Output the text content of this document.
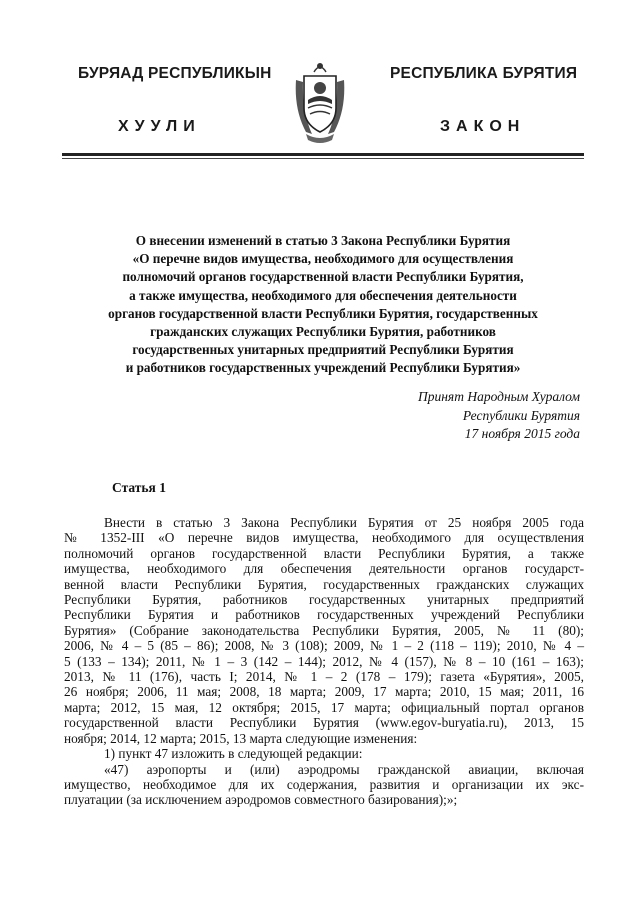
БУРЯАД РЕСПУБЛИКЫН
ХУУЛИ
РЕСПУБЛИКА БУРЯТИЯ
ЗАКОН
О внесении изменений в статью 3 Закона Республики Бурятия
«О перечне видов имущества, необходимого для осуществления
полномочий органов государственной власти Республики Бурятия,
а также имущества, необходимого для обеспечения деятельности
органов государственной власти Республики Бурятия, государственных
гражданских служащих Республики Бурятия, работников
государственных унитарных предприятий Республики Бурятия
и работников государственных учреждений Республики Бурятия»
Принят Народным Хуралом
Республики Бурятия
17 ноября 2015 года
Статья 1
Внести в статью 3 Закона Республики Бурятия от 25 ноября 2005 года
№ 1352-III «О перечне видов имущества, необходимого для осуществления
полномочий органов государственной власти Республики Бурятия, а также
имущества, необходимого для обеспечения деятельности органов государст-
венной власти Республики Бурятия, государственных гражданских служащих
Республики Бурятия, работников государственных унитарных предприятий
Республики Бурятия и работников государственных учреждений Республики
Бурятия» (Собрание законодательства Республики Бурятия, 2005, № 11 (80);
2006, № 4 – 5 (85 – 86); 2008, № 3 (108); 2009, № 1 – 2 (118 – 119); 2010, № 4 –
5 (133 – 134); 2011, № 1 – 3 (142 – 144); 2012, № 4 (157), № 8 – 10 (161 – 163);
2013, № 11 (176), часть I; 2014, № 1 – 2 (178 – 179); газета «Бурятия», 2005,
26 ноября; 2006, 11 мая; 2008, 18 марта; 2009, 17 марта; 2010, 15 мая; 2011, 16
марта; 2012, 15 мая, 12 октября; 2015, 17 марта; официальный портал органов
государственной власти Республики Бурятия (www.egov-buryatia.ru), 2013, 15
ноября; 2014, 12 марта; 2015, 13 марта следующие изменения:
1) пункт 47 изложить в следующей редакции:
«47) аэропорты и (или) аэродромы гражданской авиации, включая
имущество, необходимое для их содержания, развития и организации их экс-
плуатации (за исключением аэродромов совместного базирования);»;
